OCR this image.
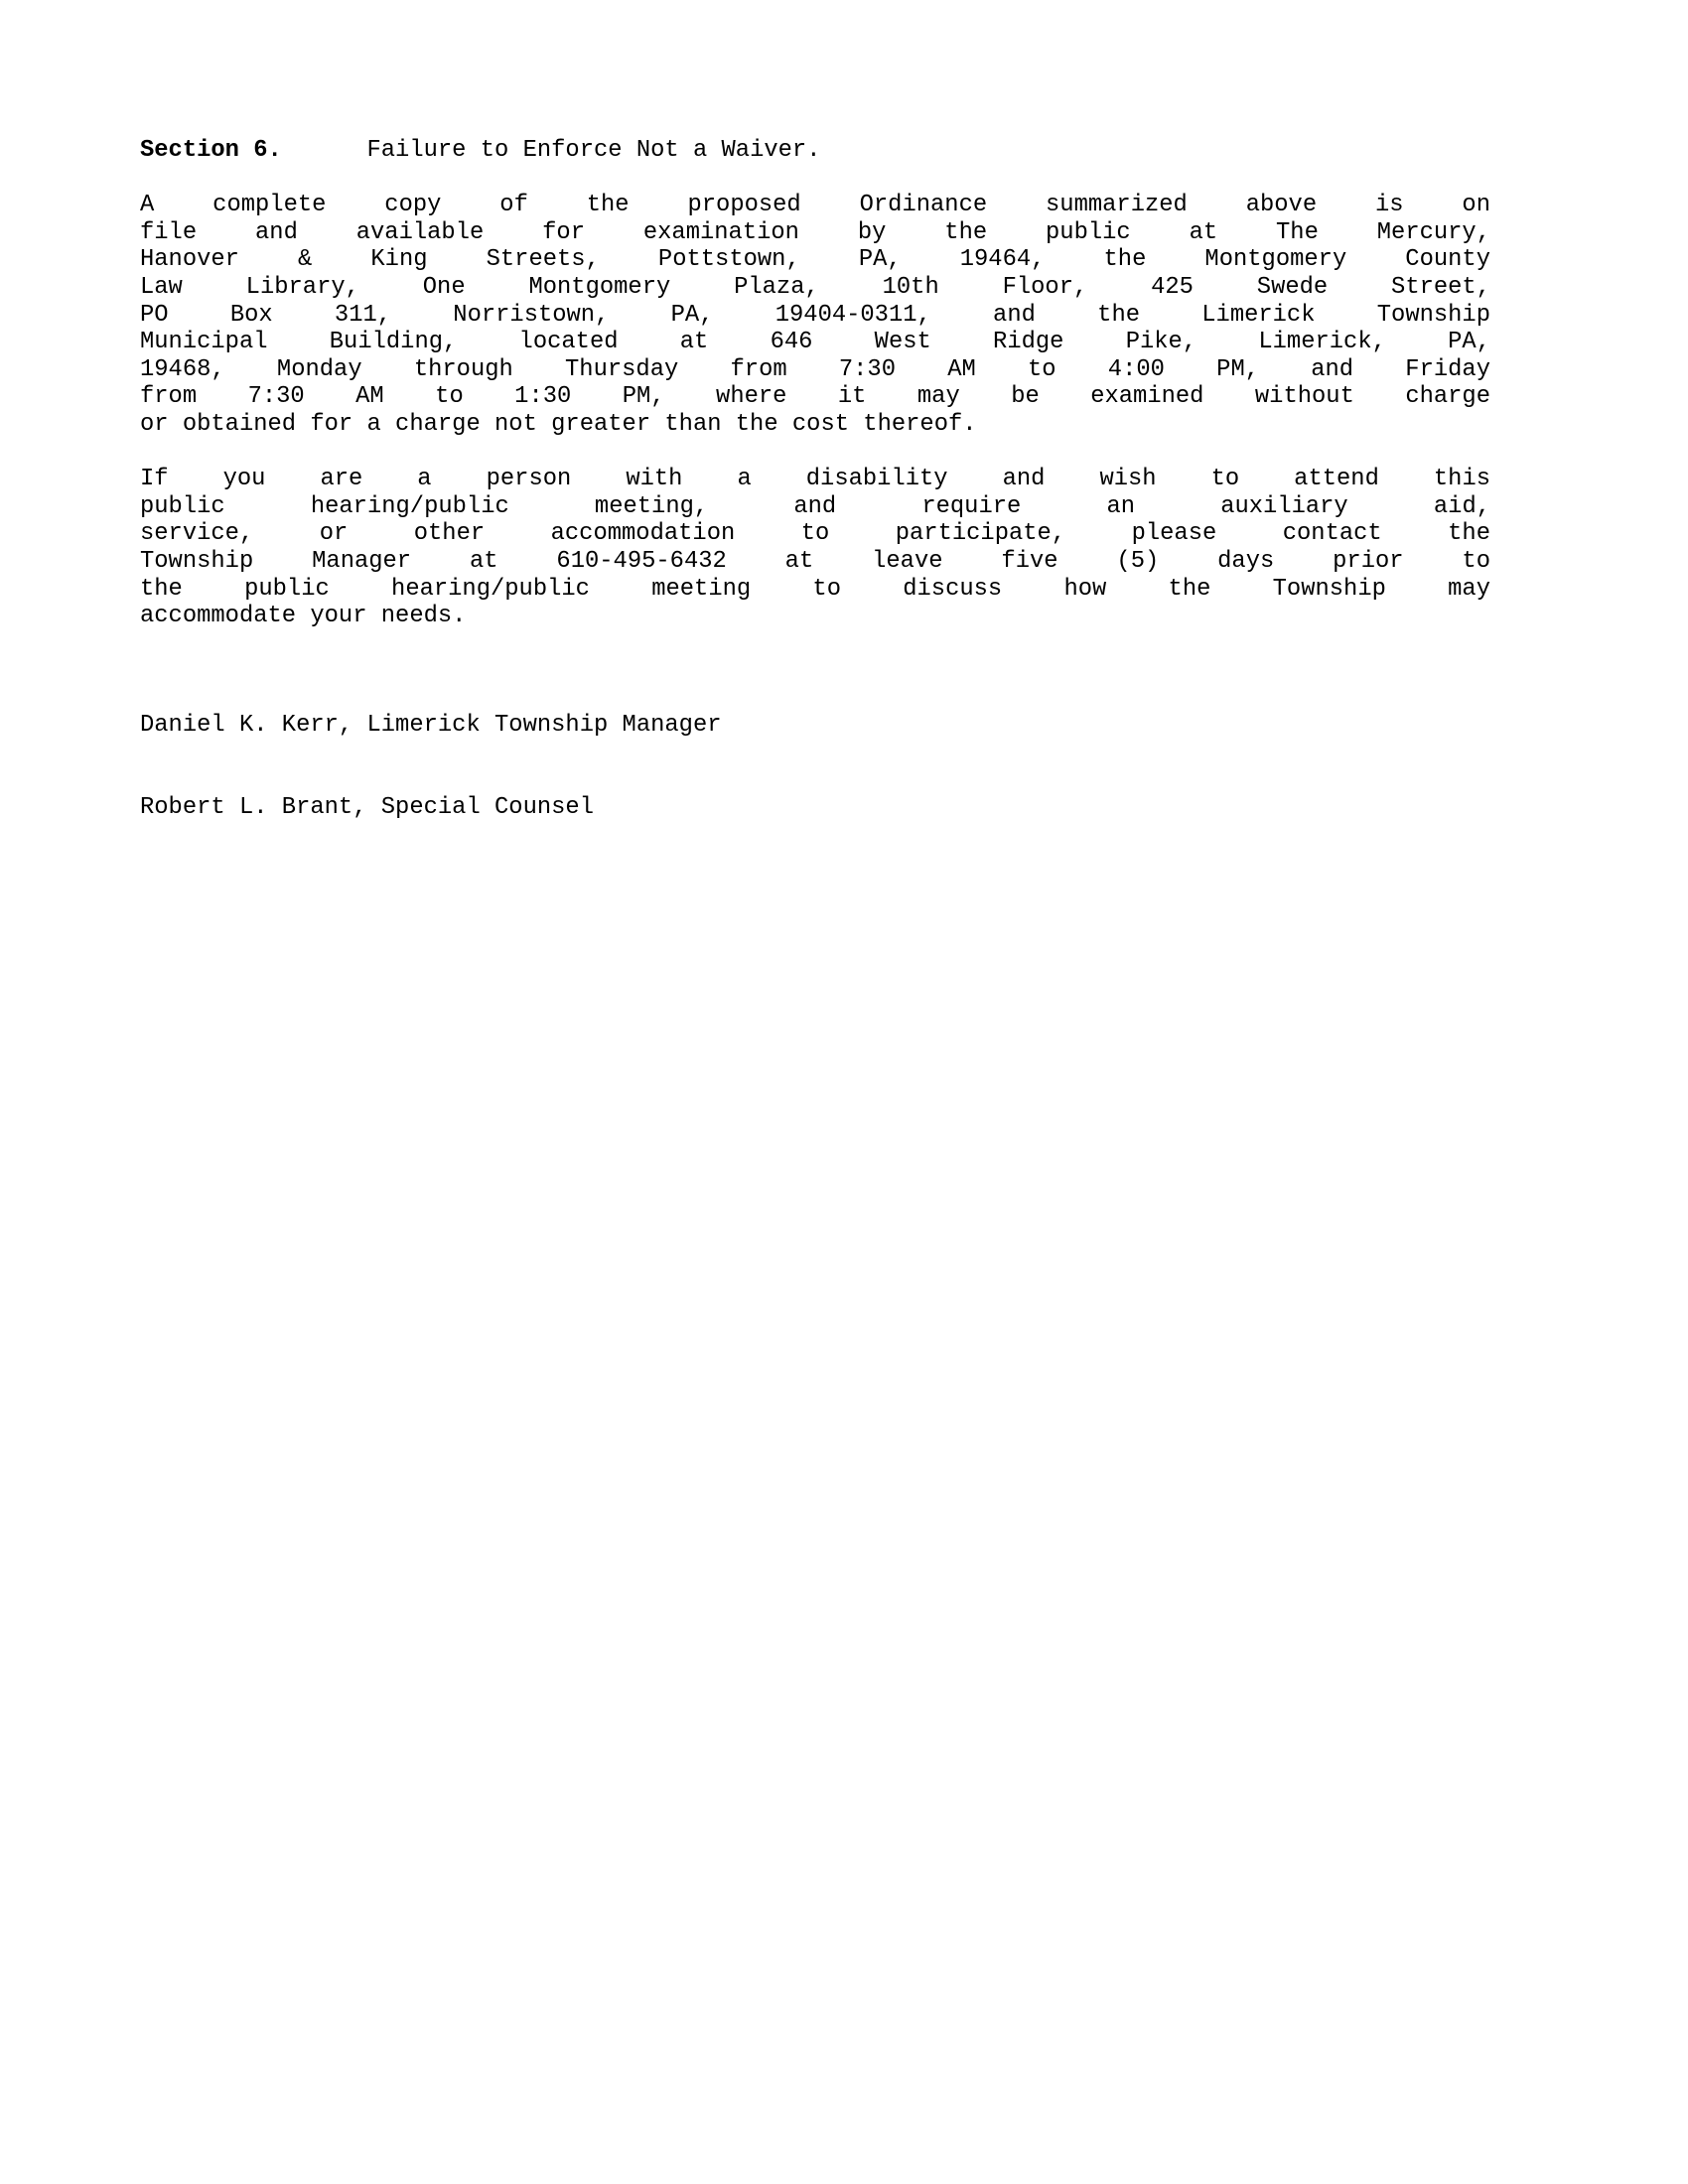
Section 6.	Failure to Enforce Not a Waiver.
A complete copy of the proposed Ordinance summarized above is on
file and available for examination by the public at The Mercury,
Hanover & King Streets, Pottstown, PA, 19464, the Montgomery County
Law Library, One Montgomery Plaza, 10th Floor, 425 Swede Street,
PO Box 311, Norristown, PA, 19404-0311, and the Limerick Township
Municipal Building, located at 646 West Ridge Pike, Limerick, PA,
19468, Monday through Thursday from 7:30 AM to 4:00 PM, and Friday
from 7:30 AM to 1:30 PM, where it may be examined without charge
or obtained for a charge not greater than the cost thereof.
If you are a person with a disability and wish to attend this
public hearing/public meeting, and require an auxiliary aid,
service, or other accommodation to participate, please contact the
Township Manager at 610-495-6432 at leave five (5) days prior to
the public hearing/public meeting to discuss how the Township may
accommodate your needs.

Daniel K. Kerr, Limerick Township Manager

Robert L. Brant, Special Counsel
